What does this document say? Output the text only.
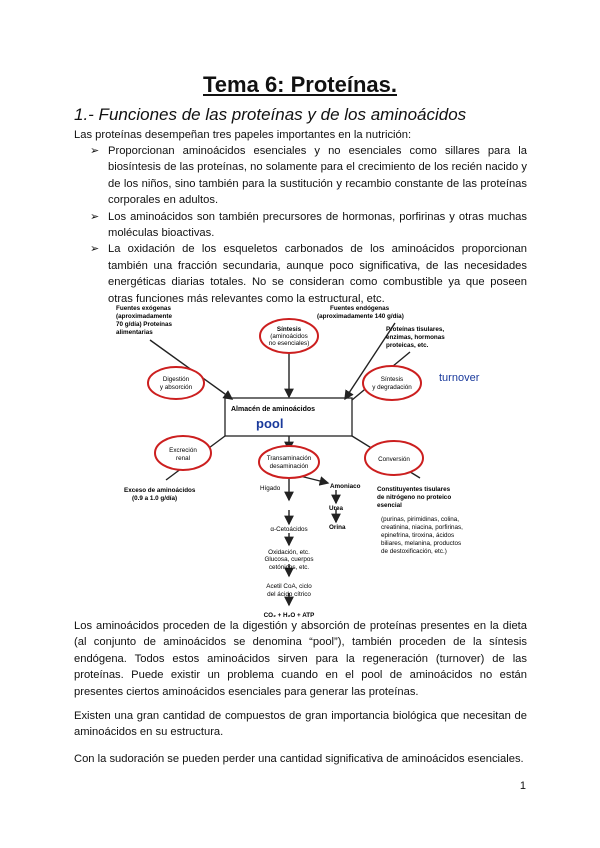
Tema 6: Proteínas.
1.- Funciones de las proteínas y de los aminoácidos
Las proteínas desempeñan tres papeles importantes en la nutrición:
➢ Proporcionan aminoácidos esenciales y no esenciales como sillares para la biosíntesis de las proteínas, no solamente para el crecimiento de los recién nacido y de los niños, sino también para la sustitución y recambio constante de las proteínas corporales en adultos.
➢ Los aminoácidos son también precursores de hormonas, porfirinas y otras muchas moléculas bioactivas.
➢ La oxidación de los esqueletos carbonados de los aminoácidos proporcionan también una fracción secundaria, aunque poco significativa, de las necesidades energéticas diarias totales. No se consideran como combustible ya que poseen otras funciones más relevantes como la estructural, etc.
Almacén de aminoácidos
pool
Síntesis
(aminoácidos
no esenciales)
Digestión
y absorción
Síntesis
y degradación
Excreción
renal	Transaminación
desaminación
Conversión
Fuentes exógenas
(aproximadamente
70 g/día) Proteínas
alimentarias
Fuentes endógenas
(aproximadamente 140 g/día)
Proteínas tisulares,
enzimas, hormonas
proteicas, etc.
Exceso de aminoácidos
(0.9 a 1.0 g/día)
Amoniaco
Urea
Orina
Constituyentes tisulares
de nitrógeno no proteico
esencial
CO₂ + H₂O + ATP
turnover
Hígado
(purinas, pirimidinas, colina,
creatinina, niacina, porfirinas,
epinefrina, tiroxina, ácidos
biliares, melanina, productos
de destoxificación, etc.)
α-Cetoácidos
Oxidación, etc.
Glucosa, cuerpos
cetónicos, etc.
Acetil CoA, ciclo
del ácido cítrico
Los aminoácidos proceden de la digestión y absorción de proteínas presentes en la dieta (al conjunto de aminoácidos se denomina “pool”), también proceden de la síntesis endógena. Todos estos aminoácidos sirven para la regeneración (turnover) de las proteínas. Puede existir un problema cuando en el pool de aminoácidos no están presentes ciertos aminoácidos esenciales para generar las proteínas.
Existen una gran cantidad de compuestos de gran importancia biológica que necesitan de aminoácidos en su estructura.
Con la sudoración se pueden perder una cantidad significativa de aminoácidos esenciales.
1
